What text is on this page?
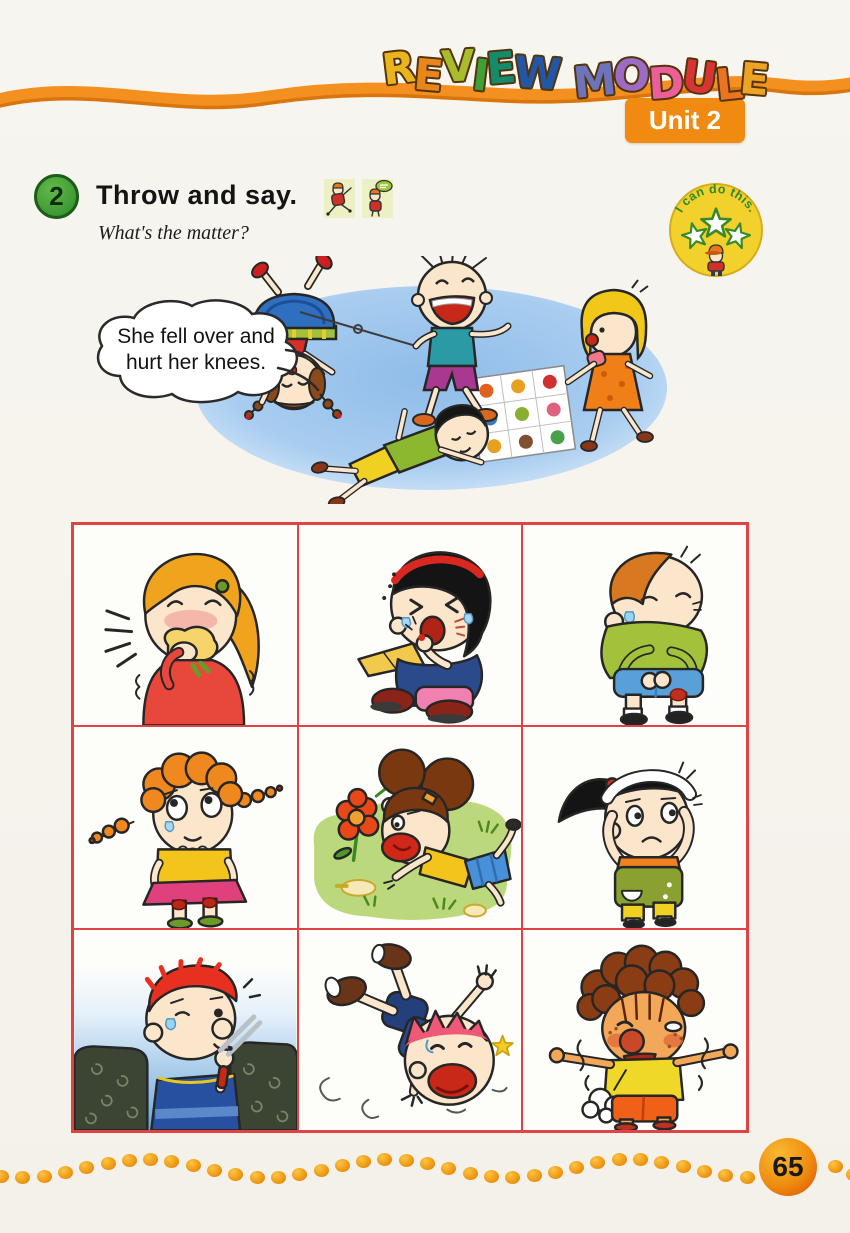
Unit 2
R
E
V
I
E
W M
O
D
U
L
E
2 Throw and say.
What's the matter?
I can do this.
She fell over and hurt her knees.
65
